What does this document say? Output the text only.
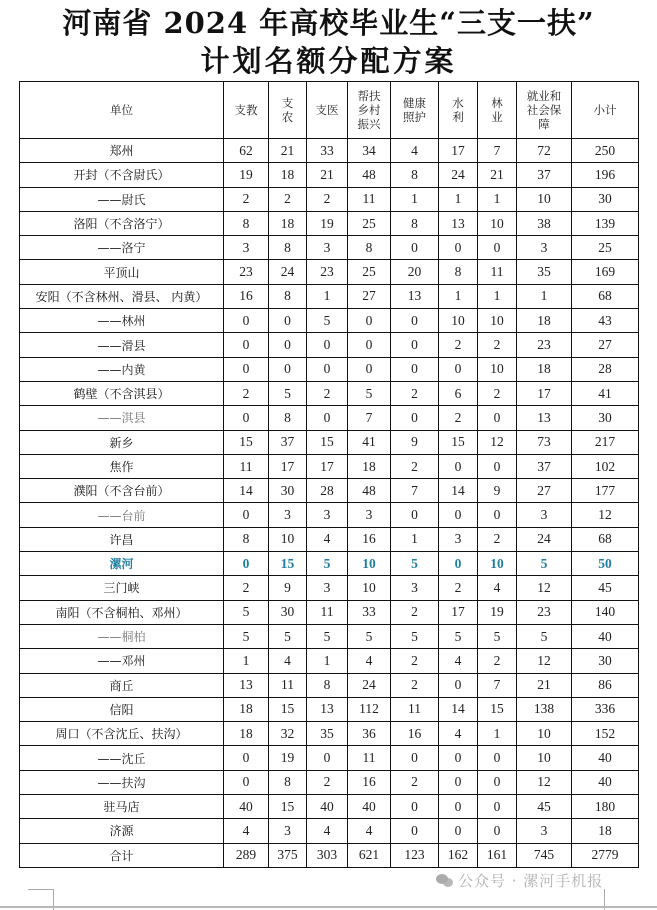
河南省 2024 年高校毕业生“三支一扶”
计划名额分配方案
单位	支教	支农	支医	帮扶乡村振兴	健康照护	水利	林业	就业和社会保障	小计
郑州	62	21	33	34	4	17	7	72	250
开封（不含尉氏）	19	18	21	48	8	24	21	37	196
——尉氏	2	2	2	11	1	1	1	10	30
洛阳（不含洛宁）	8	18	19	25	8	13	10	38	139
——洛宁	3	8	3	8	0	0	0	3	25
平顶山	23	24	23	25	20	8	11	35	169
安阳（不含林州、滑县、 内黄）	16	8	1	27	13	1	1	1	68
——林州	0	0	5	0	0	10	10	18	43
——滑县	0	0	0	0	0	2	2	23	27
——内黄	0	0	0	0	0	0	10	18	28
鹤壁（不含淇县）	2	5	2	5	2	6	2	17	41
——淇县	0	8	0	7	0	2	0	13	30
新乡	15	37	15	41	9	15	12	73	217
焦作	11	17	17	18	2	0	0	37	102
濮阳（不含台前）	14	30	28	48	7	14	9	27	177
——台前	0	3	3	3	0	0	0	3	12
许昌	8	10	4	16	1	3	2	24	68
漯河	0	15	5	10	5	0	10	5	50
三门峡	2	9	3	10	3	2	4	12	45
南阳（不含桐柏、邓州）	5	30	11	33	2	17	19	23	140
——桐柏	5	5	5	5	5	5	5	5	40
——邓州	1	4	1	4	2	4	2	12	30
商丘	13	11	8	24	2	0	7	21	86
信阳	18	15	13	112	11	14	15	138	336
周口（不含沈丘、扶沟）	18	32	35	36	16	4	1	10	152
——沈丘	0	19	0	11	0	0	0	10	40
——扶沟	0	8	2	16	2	0	0	12	40
驻马店	40	15	40	40	0	0	0	45	180
济源	4	3	4	4	0	0	0	3	18
合计	289	375	303	621	123	162	161	745	2779
公众号 · 漯河手机报
